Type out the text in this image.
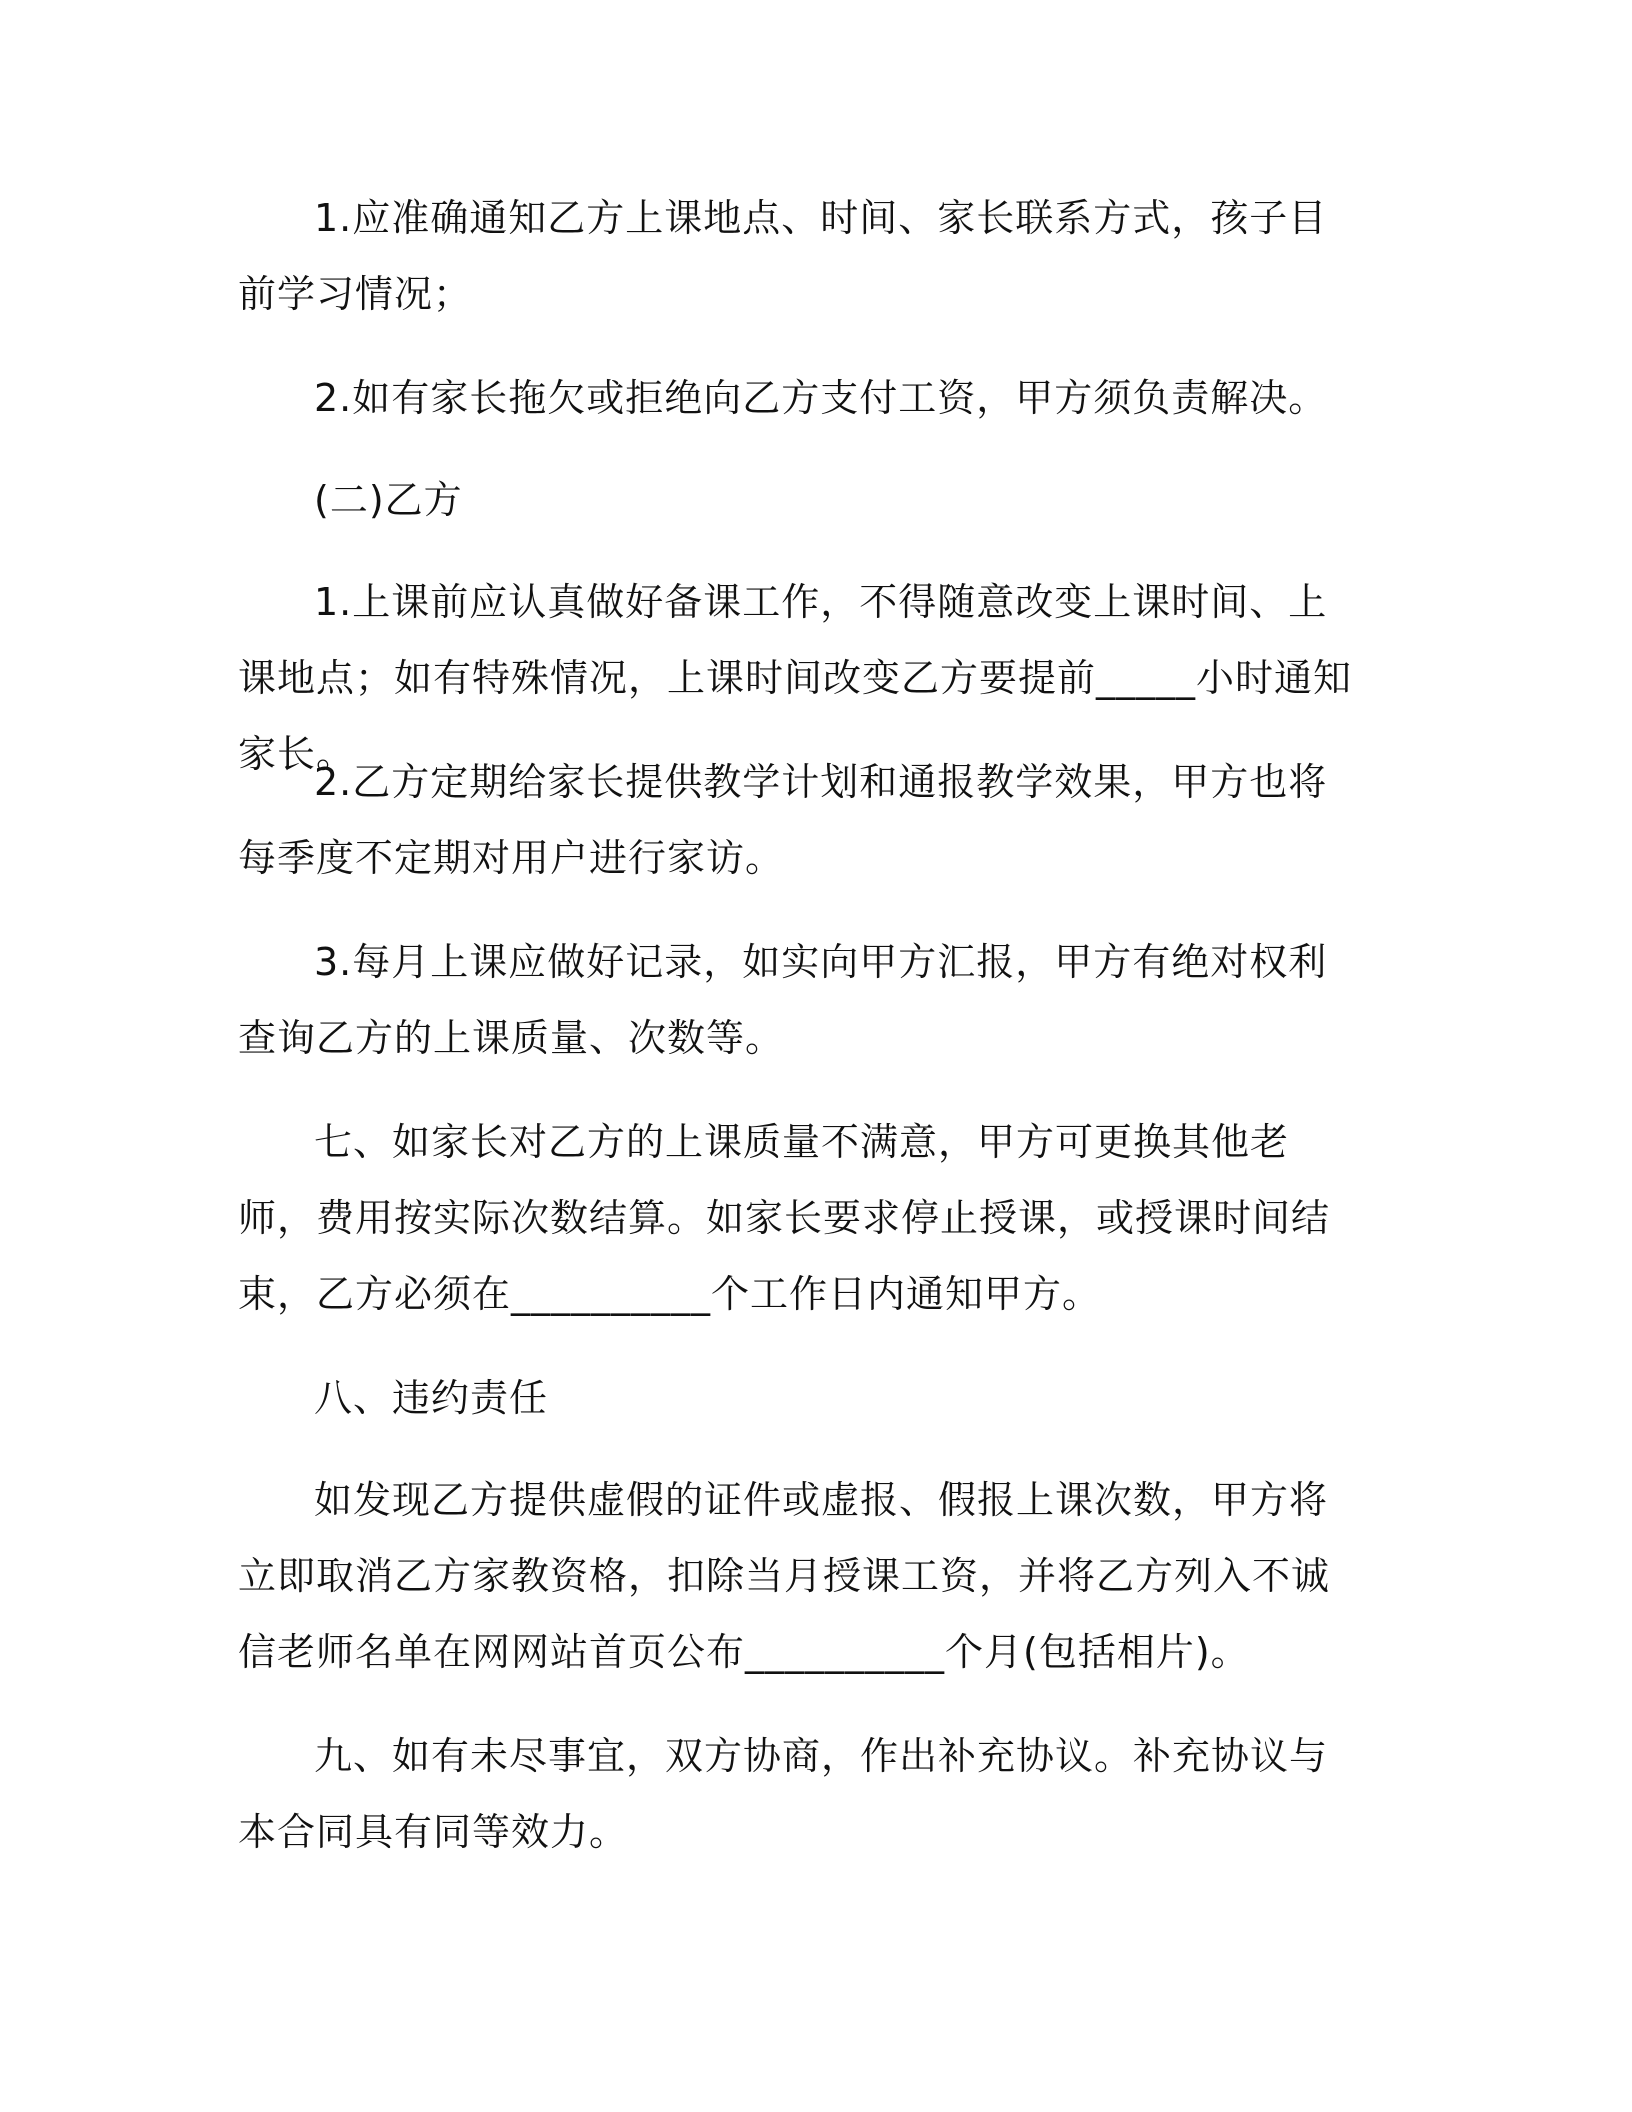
1.应准确通知乙方上课地点、时间、家长联系方式，孩子目前学习情况；

2.如有家长拖欠或拒绝向乙方支付工资，甲方须负责解决。

(二)乙方

1.上课前应认真做好备课工作，不得随意改变上课时间、上课地点；如有特殊情况，上课时间改变乙方要提前_____小时通知家长。

2.乙方定期给家长提供教学计划和通报教学效果，甲方也将每季度不定期对用户进行家访。

3.每月上课应做好记录，如实向甲方汇报，甲方有绝对权利查询乙方的上课质量、次数等。

七、如家长对乙方的上课质量不满意，甲方可更换其他老师，费用按实际次数结算。如家长要求停止授课，或授课时间结束，乙方必须在__________个工作日内通知甲方。

八、违约责任

如发现乙方提供虚假的证件或虚报、假报上课次数，甲方将立即取消乙方家教资格，扣除当月授课工资，并将乙方列入不诚信老师名单在网网站首页公布__________个月(包括相片)。

九、如有未尽事宜，双方协商，作出补充协议。补充协议与本合同具有同等效力。
